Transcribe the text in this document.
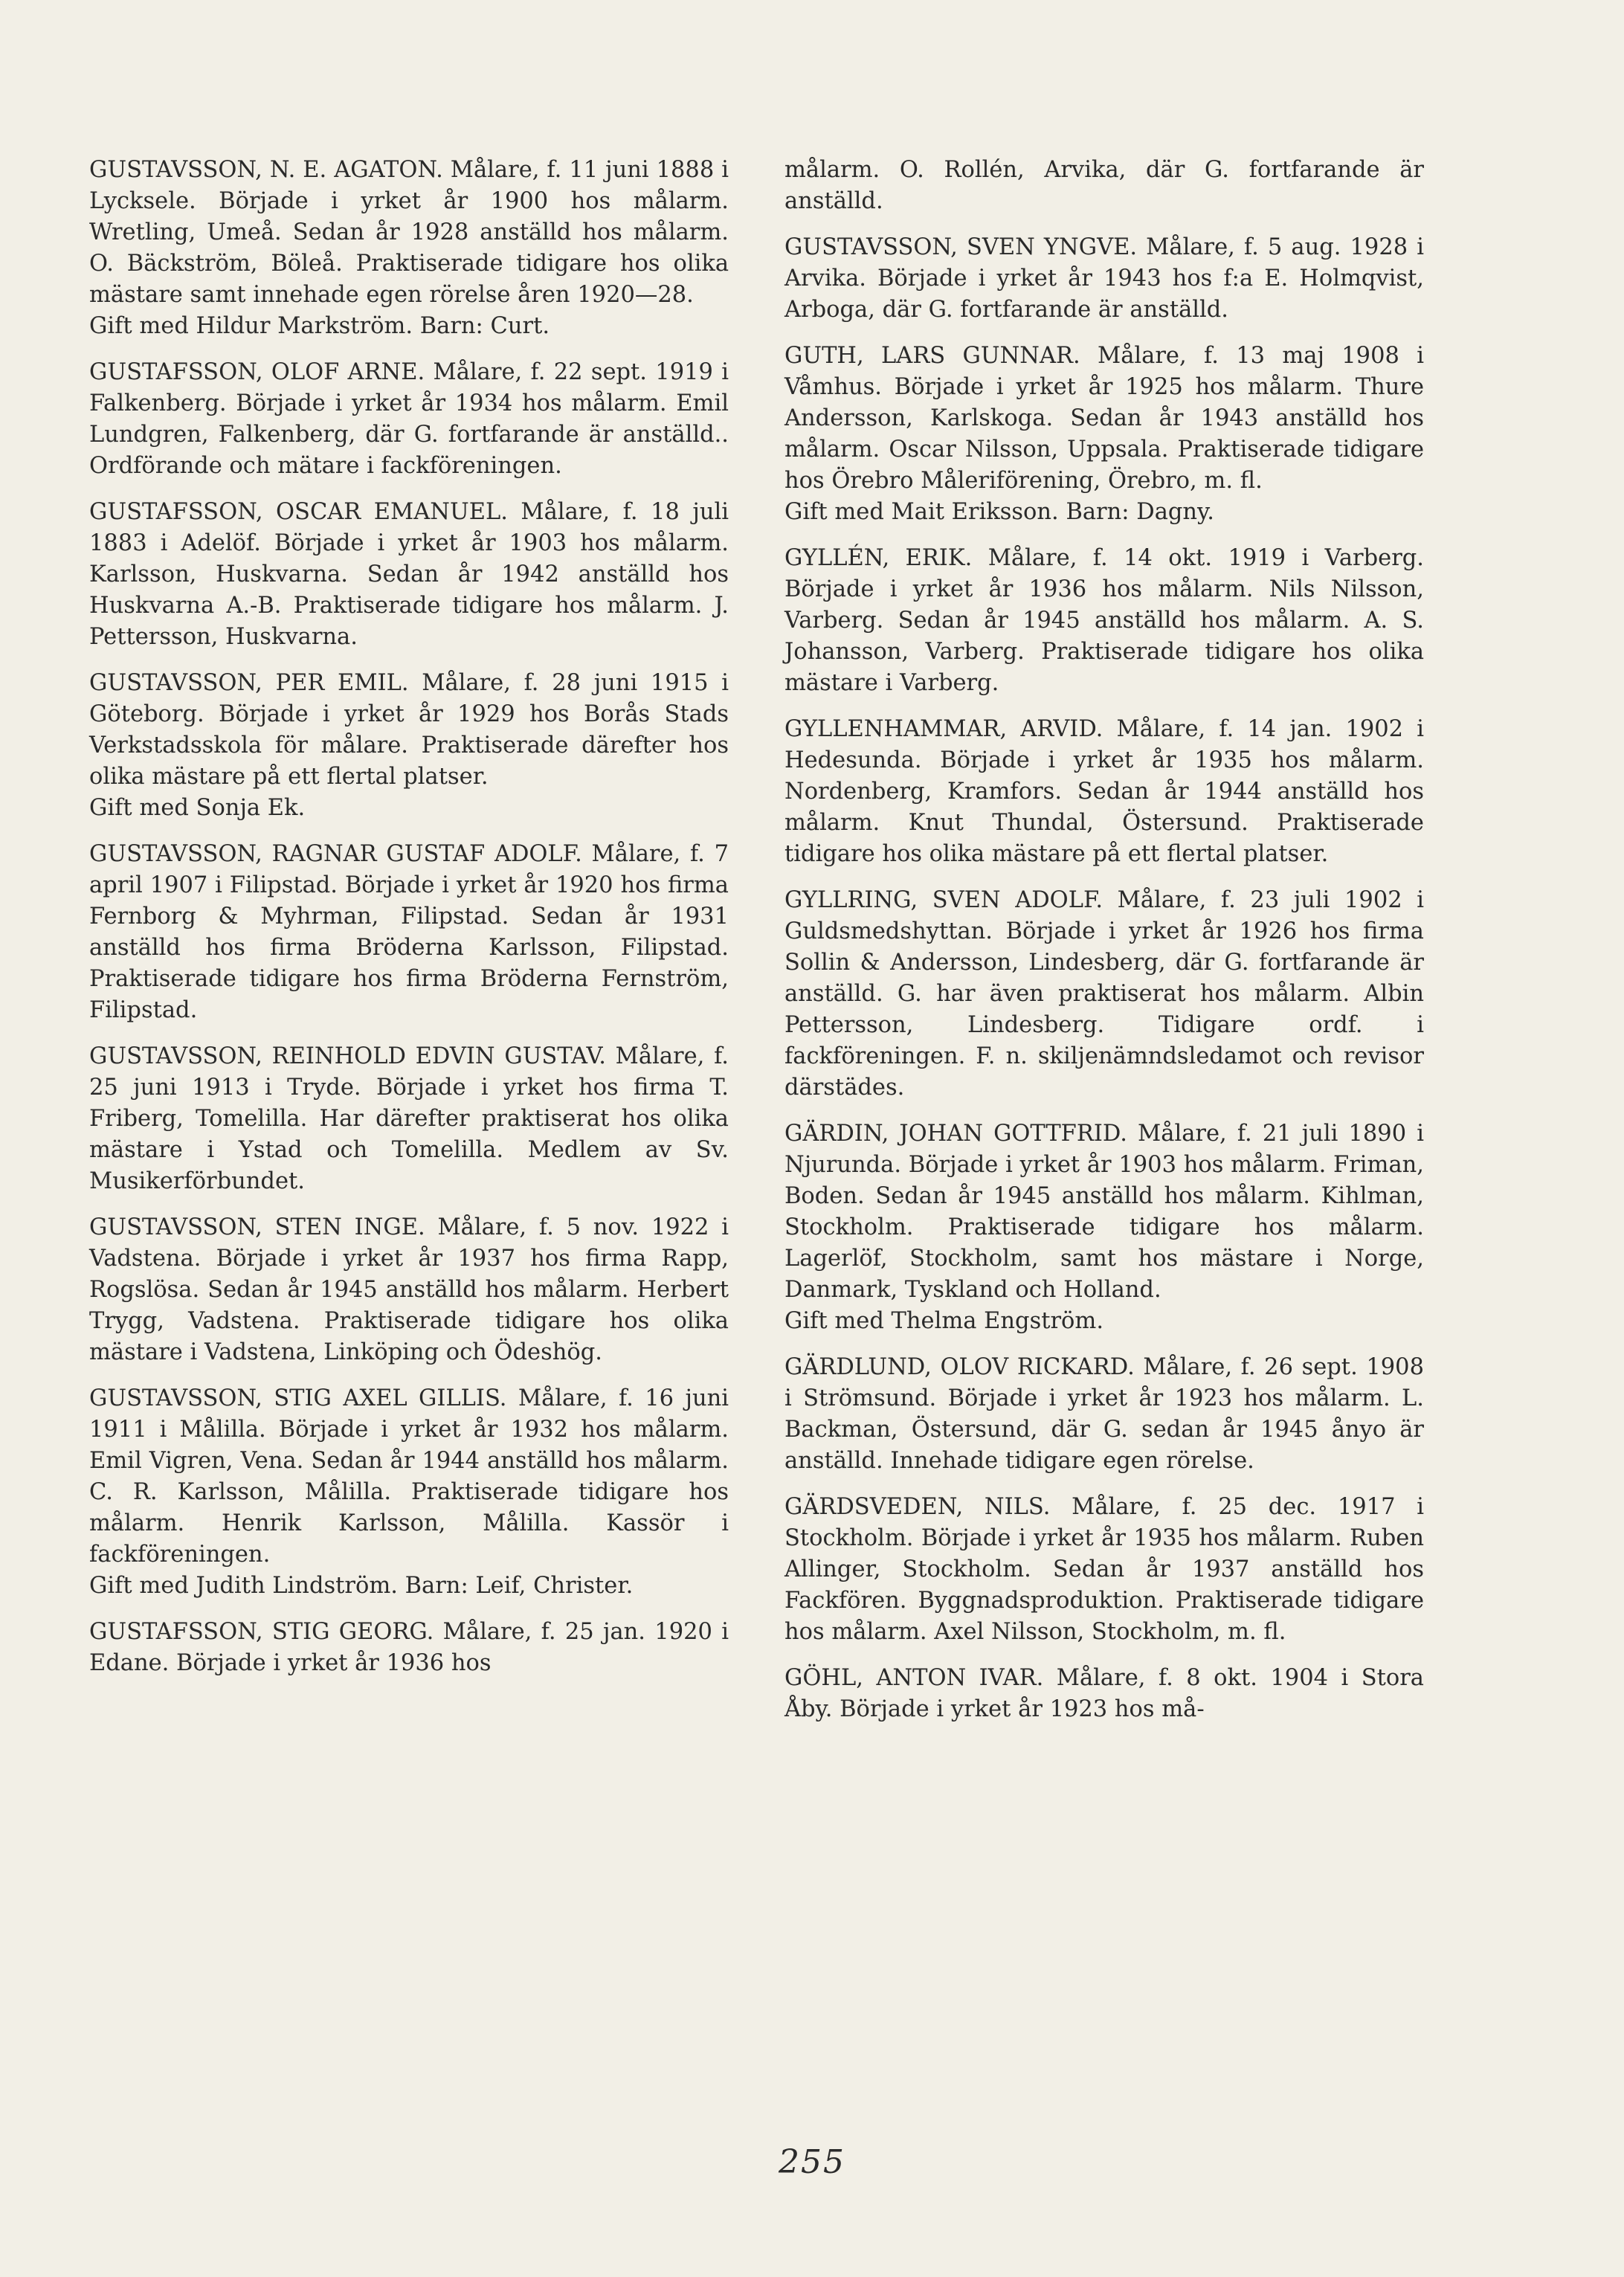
GUSTAVSSON, N. E. AGATON. Målare, f. 11 juni 1888 i Lycksele. Började i yrket år 1900 hos målarm. Wretling, Umeå. Sedan år 1928 anställd hos målarm. O. Bäckström, Böleå. Praktiserade tidigare hos olika mästare samt innehade egen rörelse åren 1920—28.

Gift med Hildur Markström. Barn: Curt.

GUSTAFSSON, OLOF ARNE. Målare, f. 22 sept. 1919 i Falkenberg. Började i yrket år 1934 hos målarm. Emil Lundgren, Falkenberg, där G. fortfarande är anställd.. Ordförande och mätare i fackföreningen.

GUSTAFSSON, OSCAR EMANUEL. Målare, f. 18 juli 1883 i Adelöf. Började i yrket år 1903 hos målarm. Karlsson, Huskvarna. Sedan år 1942 anställd hos Huskvarna A.-B. Praktiserade tidigare hos målarm. J. Pettersson, Huskvarna.

GUSTAVSSON, PER EMIL. Målare, f. 28 juni 1915 i Göteborg. Började i yrket år 1929 hos Borås Stads Verkstadsskola för målare. Praktiserade därefter hos olika mästare på ett flertal platser.

Gift med Sonja Ek.

GUSTAVSSON, RAGNAR GUSTAF ADOLF. Målare, f. 7 april 1907 i Filipstad. Började i yrket år 1920 hos firma Fernborg & Myhrman, Filipstad. Sedan år 1931 anställd hos firma Bröderna Karlsson, Filipstad. Praktiserade tidigare hos firma Bröderna Fernström, Filipstad.

GUSTAVSSON, REINHOLD EDVIN GUSTAV. Målare, f. 25 juni 1913 i Tryde. Började i yrket hos firma T. Friberg, Tomelilla. Har därefter praktiserat hos olika mästare i Ystad och Tomelilla. Medlem av Sv. Musikerförbundet.

GUSTAVSSON, STEN INGE. Målare, f. 5 nov. 1922 i Vadstena. Började i yrket år 1937 hos firma Rapp, Rogslösa. Sedan år 1945 anställd hos målarm. Herbert Trygg, Vadstena. Praktiserade tidigare hos olika mästare i Vadstena, Linköping och Ödeshög.

GUSTAVSSON, STIG AXEL GILLIS. Målare, f. 16 juni 1911 i Målilla. Började i yrket år 1932 hos målarm. Emil Vigren, Vena. Sedan år 1944 anställd hos målarm. C. R. Karlsson, Målilla. Praktiserade tidigare hos målarm. Henrik Karlsson, Målilla. Kassör i fackföreningen.

Gift med Judith Lindström. Barn: Leif, Christer.

GUSTAFSSON, STIG GEORG. Målare, f. 25 jan. 1920 i Edane. Började i yrket år 1936 hos

målarm. O. Rollén, Arvika, där G. fortfarande är anställd.

GUSTAVSSON, SVEN YNGVE. Målare, f. 5 aug. 1928 i Arvika. Började i yrket år 1943 hos f:a E. Holmqvist, Arboga, där G. fortfarande är anställd.

GUTH, LARS GUNNAR. Målare, f. 13 maj 1908 i Våmhus. Började i yrket år 1925 hos målarm. Thure Andersson, Karlskoga. Sedan år 1943 anställd hos målarm. Oscar Nilsson, Uppsala. Praktiserade tidigare hos Örebro Måleriförening, Örebro, m. fl.

Gift med Mait Eriksson. Barn: Dagny.

GYLLÉN, ERIK. Målare, f. 14 okt. 1919 i Varberg. Började i yrket år 1936 hos målarm. Nils Nilsson, Varberg. Sedan år 1945 anställd hos målarm. A. S. Johansson, Varberg. Praktiserade tidigare hos olika mästare i Varberg.

GYLLENHAMMAR, ARVID. Målare, f. 14 jan. 1902 i Hedesunda. Började i yrket år 1935 hos målarm. Nordenberg, Kramfors. Sedan år 1944 anställd hos målarm. Knut Thundal, Östersund. Praktiserade tidigare hos olika mästare på ett flertal platser.

GYLLRING, SVEN ADOLF. Målare, f. 23 juli 1902 i Guldsmedshyttan. Började i yrket år 1926 hos firma Sollin & Andersson, Lindesberg, där G. fortfarande är anställd. G. har även praktiserat hos målarm. Albin Pettersson, Lindesberg. Tidigare ordf. i fackföreningen. F. n. skiljenämndsledamot och revisor därstädes.

GÄRDIN, JOHAN GOTTFRID. Målare, f. 21 juli 1890 i Njurunda. Började i yrket år 1903 hos målarm. Friman, Boden. Sedan år 1945 anställd hos målarm. Kihlman, Stockholm. Praktiserade tidigare hos målarm. Lagerlöf, Stockholm, samt hos mästare i Norge, Danmark, Tyskland och Holland.

Gift med Thelma Engström.

GÄRDLUND, OLOV RICKARD. Målare, f. 26 sept. 1908 i Strömsund. Började i yrket år 1923 hos målarm. L. Backman, Östersund, där G. sedan år 1945 ånyo är anställd. Innehade tidigare egen rörelse.

GÄRDSVEDEN, NILS. Målare, f. 25 dec. 1917 i Stockholm. Började i yrket år 1935 hos målarm. Ruben Allinger, Stockholm. Sedan år 1937 anställd hos Fackfören. Byggnadsproduktion. Praktiserade tidigare hos målarm. Axel Nilsson, Stockholm, m. fl.

GÖHL, ANTON IVAR. Målare, f. 8 okt. 1904 i Stora Åby. Började i yrket år 1923 hos må-

255
